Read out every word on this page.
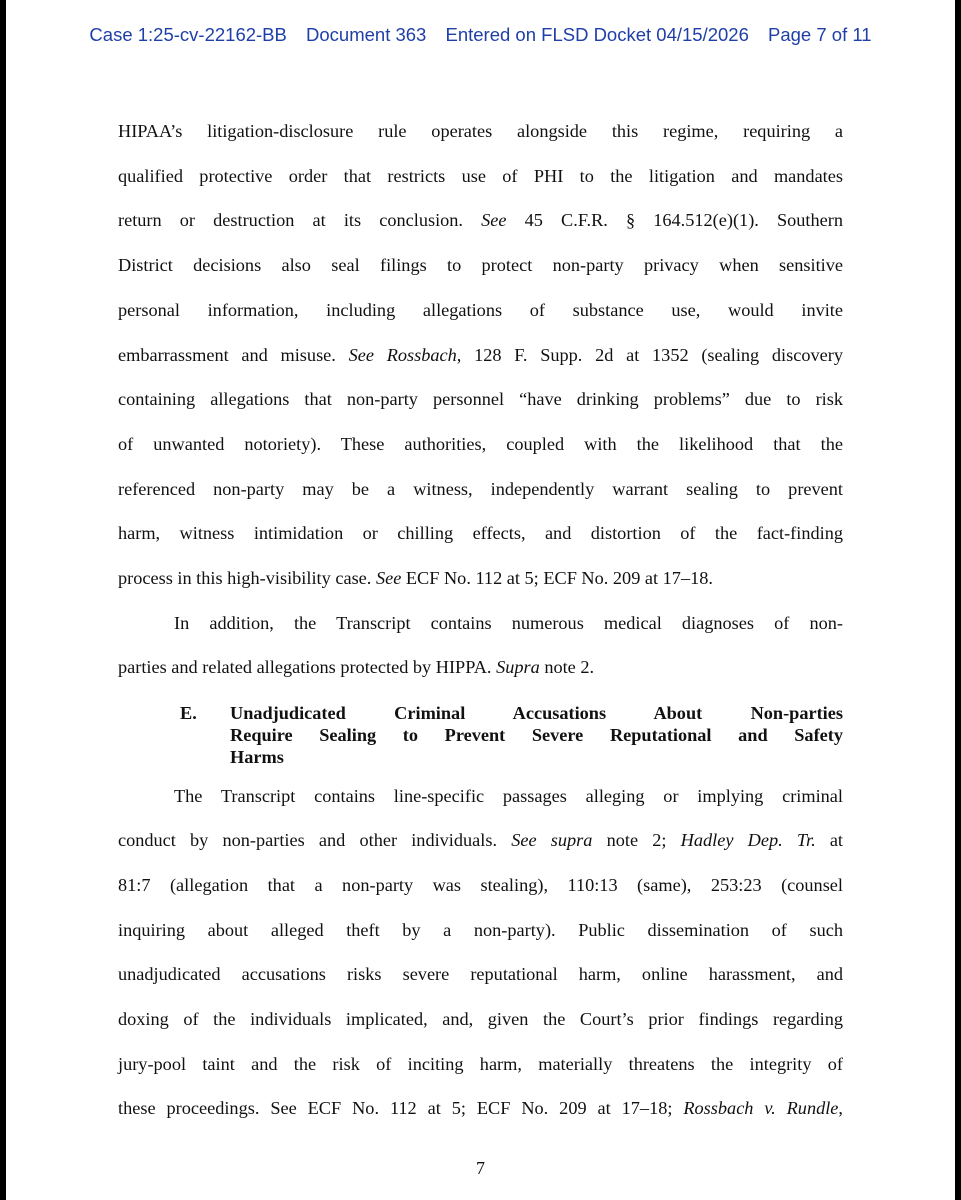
Case 1:25-cv-22162-BB Document 363 Entered on FLSD Docket 04/15/2026 Page 7 of 11
HIPAA’s litigation-disclosure rule operates alongside this regime, requiring a
qualified protective order that restricts use of PHI to the litigation and mandates
return or destruction at its conclusion. See 45 C.F.R. § 164.512(e)(1). Southern
District decisions also seal filings to protect non-party privacy when sensitive
personal information, including allegations of substance use, would invite
embarrassment and misuse. See Rossbach, 128 F. Supp. 2d at 1352 (sealing discovery
containing allegations that non-party personnel “have drinking problems” due to risk
of unwanted notoriety). These authorities, coupled with the likelihood that the
referenced non-party may be a witness, independently warrant sealing to prevent
harm, witness intimidation or chilling effects, and distortion of the fact-finding
process in this high-visibility case. See ECF No. 112 at 5; ECF No. 209 at 17–18.
In addition, the Transcript contains numerous medical diagnoses of non-
parties and related allegations protected by HIPPA. Supra note 2.
E. Unadjudicated Criminal Accusations About Non-parties
Require Sealing to Prevent Severe Reputational and Safety
Harms
The Transcript contains line-specific passages alleging or implying criminal
conduct by non-parties and other individuals. See supra note 2; Hadley Dep. Tr. at
81:7 (allegation that a non-party was stealing), 110:13 (same), 253:23 (counsel
inquiring about alleged theft by a non-party). Public dissemination of such
unadjudicated accusations risks severe reputational harm, online harassment, and
doxing of the individuals implicated, and, given the Court’s prior findings regarding
jury-pool taint and the risk of inciting harm, materially threatens the integrity of
these proceedings. See ECF No. 112 at 5; ECF No. 209 at 17–18; Rossbach v. Rundle,
7
